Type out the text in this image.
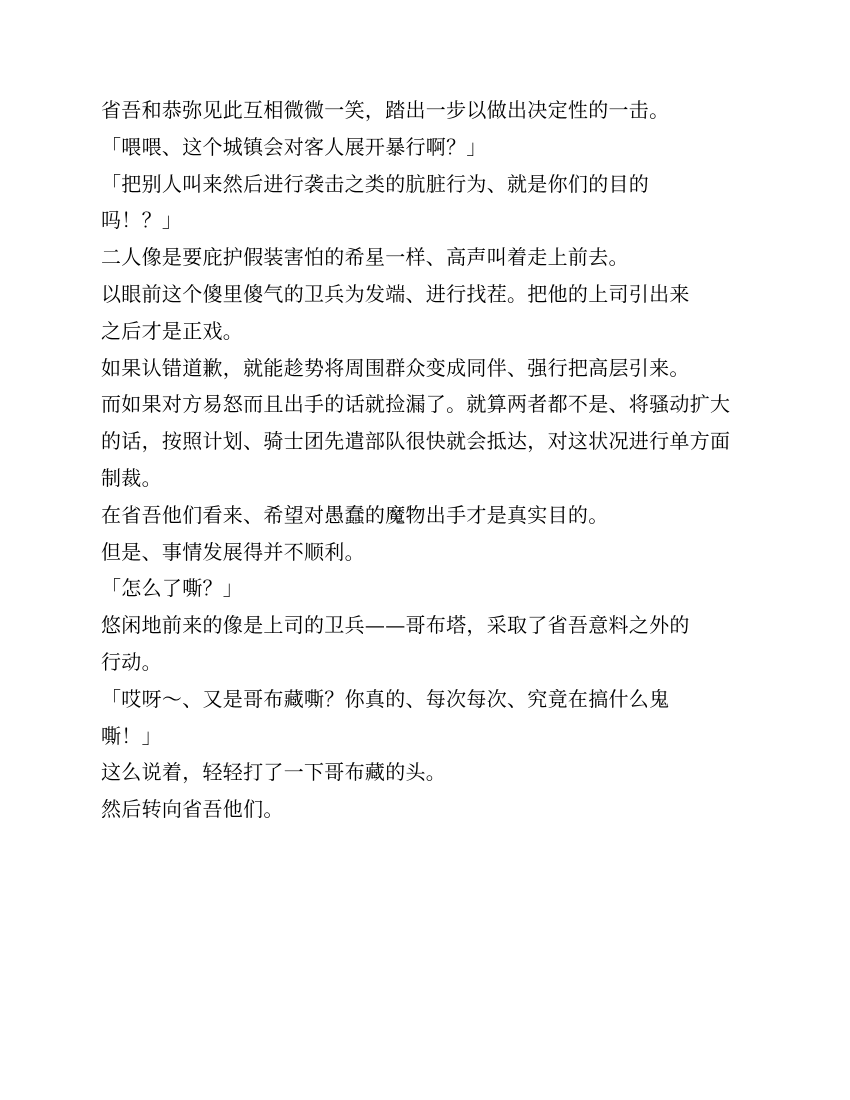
省吾和恭弥见此互相微微一笑，踏出一步以做出决定性的一击。
「喂喂、这个城镇会对客人展开暴行啊？」
「把别人叫来然后进行袭击之类的肮脏行为、就是你们的目的
吗！？」
二人像是要庇护假装害怕的希星一样、高声叫着走上前去。
以眼前这个傻里傻气的卫兵为发端、进行找茬。把他的上司引出来
之后才是正戏。
如果认错道歉，就能趁势将周围群众变成同伴、强行把高层引来。
而如果对方易怒而且出手的话就捡漏了。就算两者都不是、将骚动扩大
的话，按照计划、骑士团先遣部队很快就会抵达，对这状况进行单方面
制裁。
在省吾他们看来、希望对愚蠢的魔物出手才是真实目的。
但是、事情发展得并不顺利。
「怎么了嘶？」
悠闲地前来的像是上司的卫兵——哥布塔，采取了省吾意料之外的
行动。
「哎呀～、又是哥布藏嘶？你真的、每次每次、究竟在搞什么鬼
嘶！」
这么说着，轻轻打了一下哥布藏的头。
然后转向省吾他们。
